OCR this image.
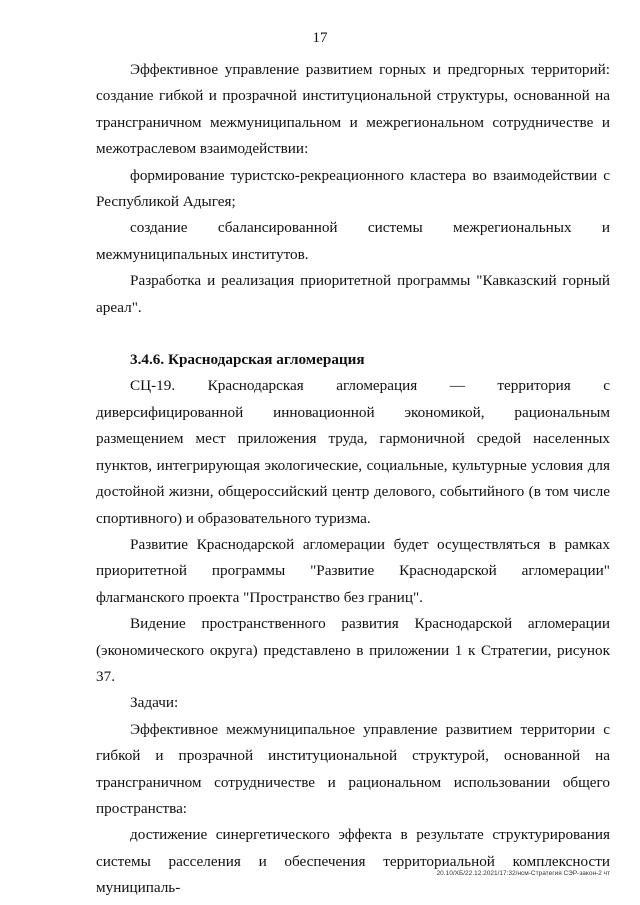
17

Эффективное управление развитием горных и предгорных территорий: создание гибкой и прозрачной институциональной структуры, основанной на трансграничном межмуниципальном и межрегиональном сотрудничестве и межотраслевом взаимодействии:

формирование туристско-рекреационного кластера во взаимодействии с Республикой Адыгея;

создание сбалансированной системы межрегиональных и межмуниципальных институтов.

Разработка и реализация приоритетной программы "Кавказский горный ареал".

3.4.6. Краснодарская агломерация

СЦ-19. Краснодарская агломерация — территория с диверсифицированной инновационной экономикой, рациональным размещением мест приложения труда, гармоничной средой населенных пунктов, интегрирующая экологические, социальные, культурные условия для достойной жизни, общероссийский центр делового, событийного (в том числе спортивного) и образовательного туризма.

Развитие Краснодарской агломерации будет осуществляться в рамках приоритетной программы "Развитие Краснодарской агломерации" флагманского проекта "Пространство без границ".

Видение пространственного развития Краснодарской агломерации (экономического округа) представлено в приложении 1 к Стратегии, рисунок 37.

Задачи:

Эффективное межмуниципальное управление развитием территории с гибкой и прозрачной институциональной структурой, основанной на трансграничном сотрудничестве и рациональном использовании общего пространства:

достижение синергетического эффекта в результате структурирования системы расселения и обеспечения территориальной комплексности муниципаль-

20.10/XБ/22.12.2021/17:32/нсм-Стратегия СЭР-закон-2 чт
